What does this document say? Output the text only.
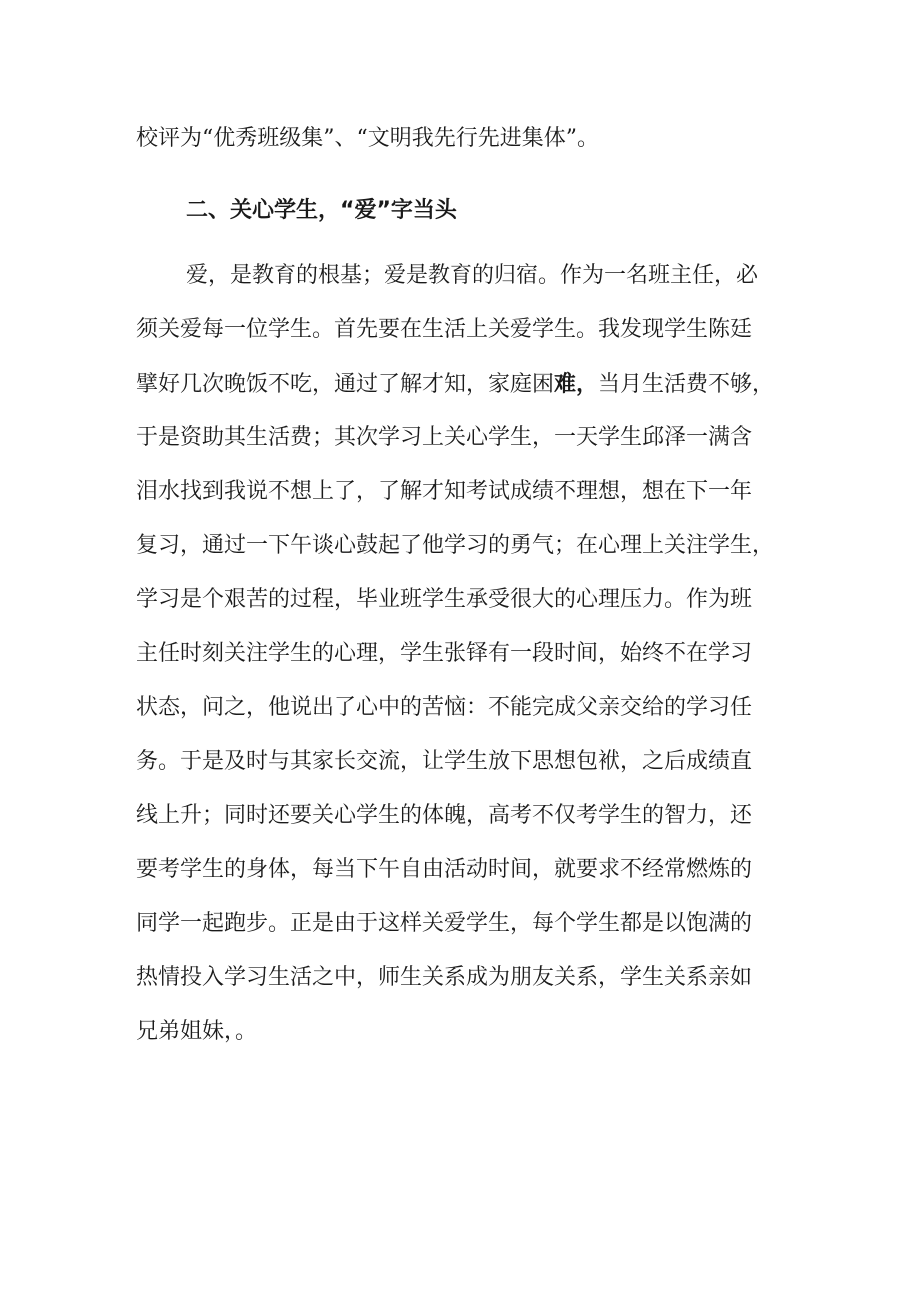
校评为“优秀班级集”、“文明我先行先进集体”。
二、关心学生，“爱”字当头
爱，是教育的根基；爱是教育的归宿。作为一名班主任，必
须关爱每一位学生。首先要在生活上关爱学生。我发现学生陈廷
擘好几次晚饭不吃，通过了解才知，家庭困难，当月生活费不够，
于是资助其生活费；其次学习上关心学生，一天学生邱泽一满含
泪水找到我说不想上了，了解才知考试成绩不理想，想在下一年
复习，通过一下午谈心鼓起了他学习的勇气；在心理上关注学生，
学习是个艰苦的过程，毕业班学生承受很大的心理压力。作为班
主任时刻关注学生的心理，学生张铎有一段时间，始终不在学习
状态，问之，他说出了心中的苦恼：不能完成父亲交给的学习任
务。于是及时与其家长交流，让学生放下思想包袱，之后成绩直
线上升；同时还要关心学生的体魄，高考不仅考学生的智力，还
要考学生的身体，每当下午自由活动时间，就要求不经常燃炼的
同学一起跑步。正是由于这样关爱学生，每个学生都是以饱满的
热情投入学习生活之中，师生关系成为朋友关系，学生关系亲如
兄弟姐妹，。
